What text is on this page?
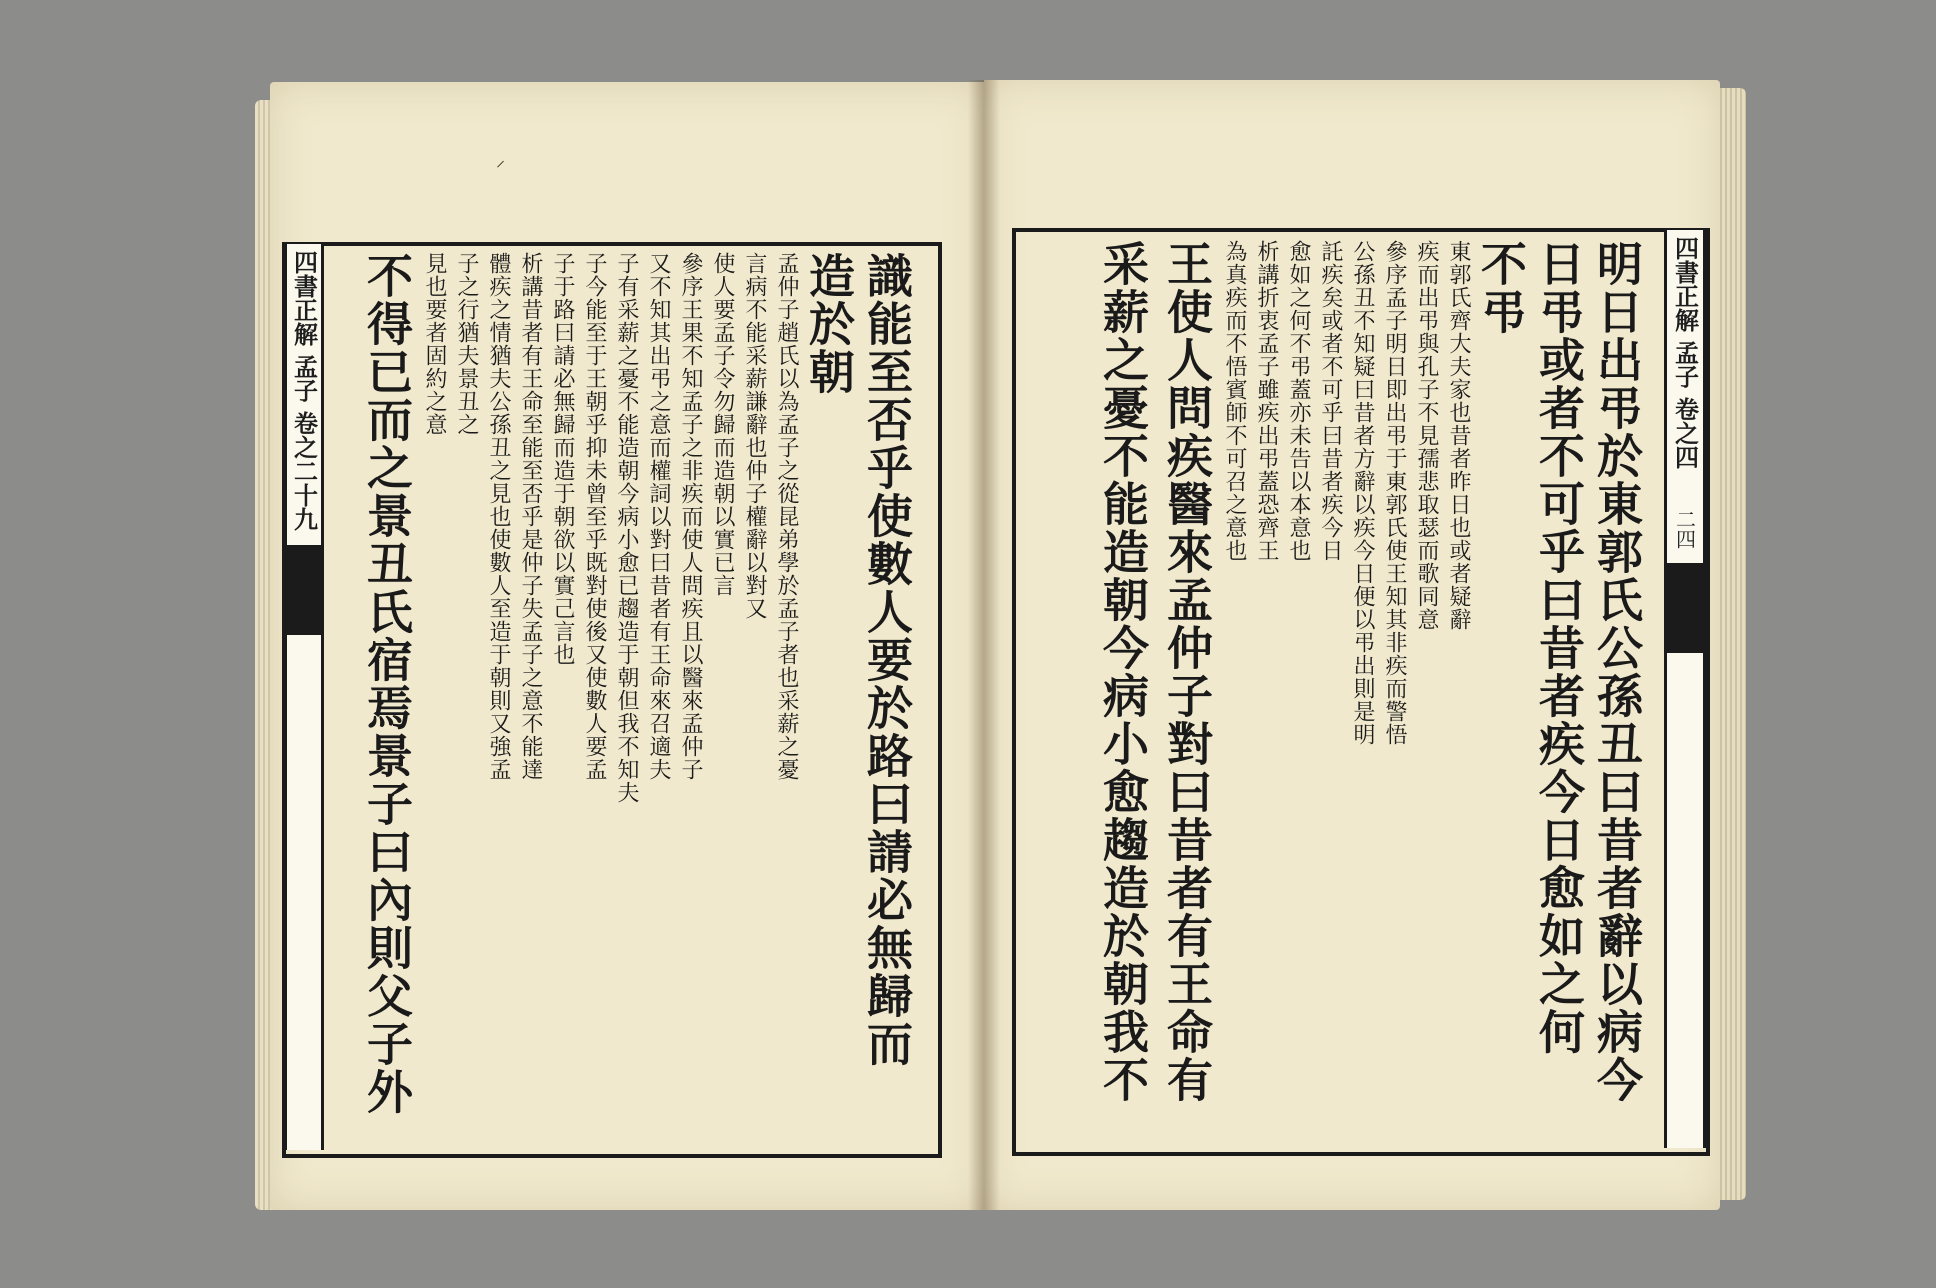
四書正解 孟子 卷之二十九	識能至否乎使數人要於路曰請必無歸而
造於朝
孟仲子趙氏以為孟子之從昆弟學於孟子者也采薪之憂
言病不能采薪謙辭也仲子權辭以對又
使人要孟子令勿歸而造朝以實已言
參序王果不知孟子之非疾而使人問疾且以醫來孟仲子
又不知其出弔之意而權詞以對曰昔者有王命來召適夫
子有采薪之憂不能造朝今病小愈已趨造于朝但我不知夫
子今能至于王朝乎抑未曾至乎既對使後又使數人要孟
子于路曰請必無歸而造于朝欲以實己言也
析講昔者有王命至能至否乎是仲子失孟子之意不能達
體疾之情猶夫公孫丑之見也使數人至造于朝則又強孟
子之行猶夫景丑之
見也要者固約之意
不得已而之景丑氏宿焉景子曰內則父子外	四書正解 孟子 卷之四
二四
明日出弔於東郭氏公孫丑曰昔者辭以病今
日弔或者不可乎曰昔者疾今日愈如之何
不弔
東郭氏齊大夫家也昔者昨日也或者疑辭
疾而出弔與孔子不見孺悲取瑟而歌同意
參序孟子明日即出弔于東郭氏使王知其非疾而警悟
公孫丑不知疑曰昔者方辭以疾今日便以弔出則是明
託疾矣或者不可乎曰昔者疾今日
愈如之何不弔蓋亦未告以本意也
析講折衷孟子雖疾出弔蓋恐齊王
為真疾而不悟賓師不可召之意也
王使人問疾醫來孟仲子對曰昔者有王命有
采薪之憂不能造朝今病小愈趨造於朝我不
⸝
